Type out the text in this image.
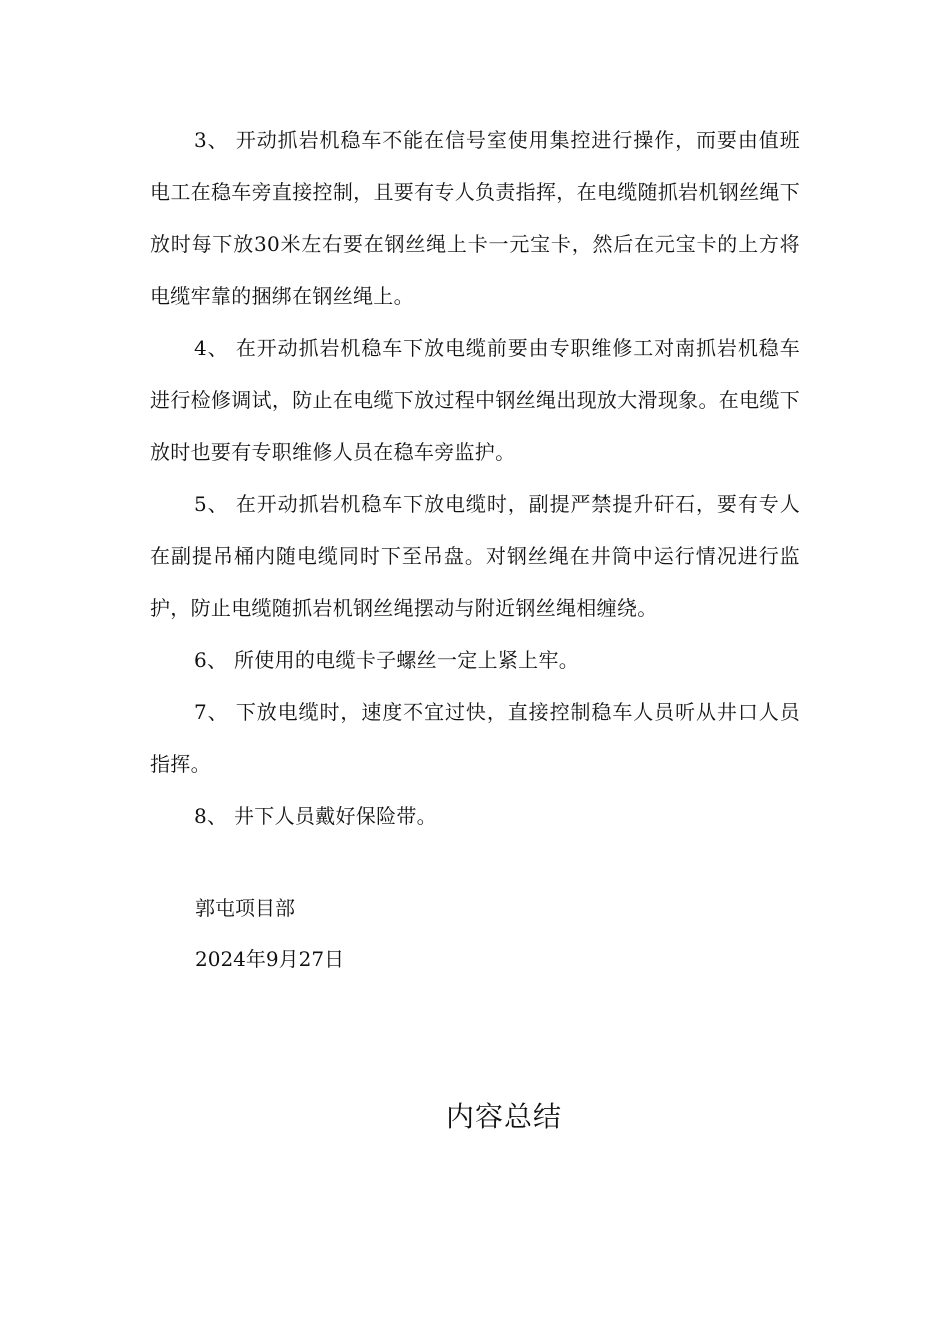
3、 开动抓岩机稳车不能在信号室使用集控进行操作，而要由值班电工在稳车旁直接控制，且要有专人负责指挥，在电缆随抓岩机钢丝绳下放时每下放30米左右要在钢丝绳上卡一元宝卡，然后在元宝卡的上方将电缆牢靠的捆绑在钢丝绳上。

4、 在开动抓岩机稳车下放电缆前要由专职维修工对南抓岩机稳车进行检修调试，防止在电缆下放过程中钢丝绳出现放大滑现象。在电缆下放时也要有专职维修人员在稳车旁监护。

5、 在开动抓岩机稳车下放电缆时，副提严禁提升矸石，要有专人在副提吊桶内随电缆同时下至吊盘。对钢丝绳在井筒中运行情况进行监护，防止电缆随抓岩机钢丝绳摆动与附近钢丝绳相缠绕。

6、 所使用的电缆卡子螺丝一定上紧上牢。

7、 下放电缆时，速度不宜过快，直接控制稳车人员听从井口人员指挥。

8、 井下人员戴好保险带。

郭屯项目部
2024年9月27日
内容总结
